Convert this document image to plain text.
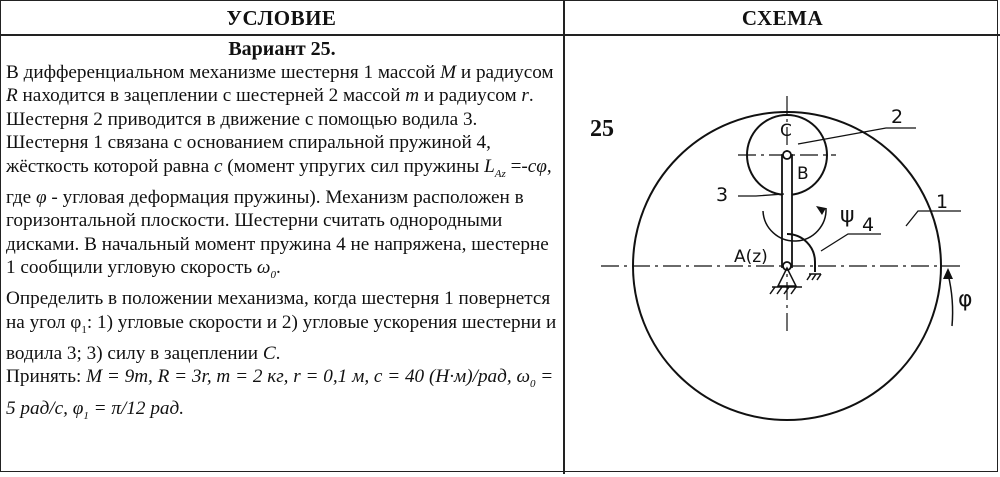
УСЛОВИЕ	СХЕМА
Вариант 25.

В дифференциальном механизме шестерня 1 массой M и радиусом R находится в зацеплении с шестерней 2 массой m и радиусом r. Шестерня 2 приводится в движение с помощью водила 3. Шестерня 1 связана с основанием спиральной пружиной 4, жёсткость которой равна c (момент упругих сил пружины $L_{Az} =-c\varphi$, где φ - угловая деформация пружины). Механизм расположен в горизонтальной плоскости. Шестерни считать однородными дисками. В начальный момент пружина 4 не напряжена, шестерне 1 сообщили угловую скорость $\omega_0$.

Определить в положении механизма, когда шестерня 1 повернется на угол $\varphi_1$: 1) угловые скорости и 2) угловые ускорения шестерни и водила 3; 3) силу в зацеплении C.

Принять: M = 9m, R = 3r, m = 2 кг, r = 0,1 м, c = 40 (Н·м)/рад, $\omega_0 = 5$ рад/с, $\varphi_1 = \pi/12$ рад.

25	2
1
3
4
C
B
A(z)
ψ
φ
